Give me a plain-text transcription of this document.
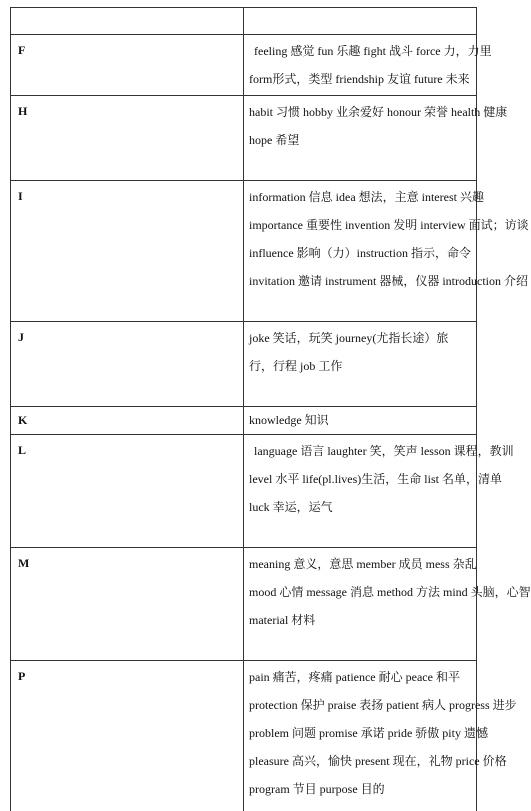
F	feeling 感觉 fun 乐趣 fight 战斗 force 力，力里
form形式，类型 friendship 友谊 future 未来

H	habit 习惯 hobby 业余爱好 honour 荣誉 health 健康
hope 希望

I	information 信息 idea 想法，主意 interest 兴趣
importance 重要性 invention 发明 interview 面试；访谈
influence 影响（力）instruction 指示，命令
invitation 邀请 instrument 器械，仪器 introduction 介绍

J	joke 笑话，玩笑 journey(尤指长途）旅
行，行程 job 工作

K	knowledge 知识

L	language 语言 laughter 笑，笑声 lesson 课程，教训
level 水平 life(pl.lives)生活，生命 list 名单，清单
luck 幸运，运气

M	meaning 意义，意思 member 成员 mess 杂乱
mood 心情 message 消息 method 方法 mind 头脑，心智
material 材料

P	pain 痛苦，疼痛 patience 耐心 peace 和平
protection 保护 praise 表扬 patient 病人 progress 进步
problem 问题 promise 承诺 pride 骄傲 pity 遗憾
pleasure 高兴，愉快 present 现在，礼物 price 价格
program 节目 purpose 目的
